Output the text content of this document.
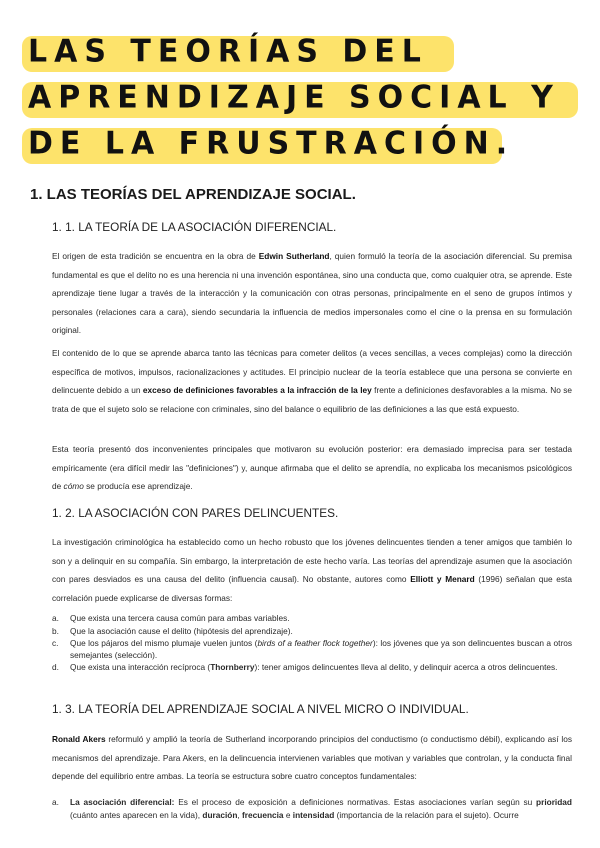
LAS TEORÍAS DEL
APRENDIZAJE SOCIAL Y
DE LA FRUSTRACIÓN.
1. LAS TEORÍAS DEL APRENDIZAJE SOCIAL.
1. 1. LA TEORÍA DE LA ASOCIACIÓN DIFERENCIAL.
El origen de esta tradición se encuentra en la obra de Edwin Sutherland, quien formuló la teoría de la asociación diferencial. Su premisa fundamental es que el delito no es una herencia ni una invención espontánea, sino una conducta que, como cualquier otra, se aprende. Este aprendizaje tiene lugar a través de la interacción y la comunicación con otras personas, principalmente en el seno de grupos íntimos y personales (relaciones cara a cara), siendo secundaria la influencia de medios impersonales como el cine o la prensa en su formulación original.
El contenido de lo que se aprende abarca tanto las técnicas para cometer delitos (a veces sencillas, a veces complejas) como la dirección específica de motivos, impulsos, racionalizaciones y actitudes. El principio nuclear de la teoría establece que una persona se convierte en delincuente debido a un exceso de definiciones favorables a la infracción de la ley frente a definiciones desfavorables a la misma. No se trata de que el sujeto solo se relacione con criminales, sino del balance o equilibrio de las definiciones a las que está expuesto.
Esta teoría presentó dos inconvenientes principales que motivaron su evolución posterior: era demasiado imprecisa para ser testada empíricamente (era difícil medir las "definiciones") y, aunque afirmaba que el delito se aprendía, no explicaba los mecanismos psicológicos de cómo se producía ese aprendizaje.
1. 2. LA ASOCIACIÓN CON PARES DELINCUENTES.
La investigación criminológica ha establecido como un hecho robusto que los jóvenes delincuentes tienden a tener amigos que también lo son y a delinquir en su compañía. Sin embargo, la interpretación de este hecho varía. Las teorías del aprendizaje asumen que la asociación con pares desviados es una causa del delito (influencia causal). No obstante, autores como Elliott y Menard (1996) señalan que esta correlación puede explicarse de diversas formas:
a. Que exista una tercera causa común para ambas variables.
b. Que la asociación cause el delito (hipótesis del aprendizaje).
c. Que los pájaros del mismo plumaje vuelen juntos (birds of a feather flock together): los jóvenes que ya son delincuentes buscan a otros semejantes (selección).
d. Que exista una interacción recíproca (Thornberry): tener amigos delincuentes lleva al delito, y delinquir acerca a otros delincuentes.
1. 3. LA TEORÍA DEL APRENDIZAJE SOCIAL A NIVEL MICRO O INDIVIDUAL.
Ronald Akers reformuló y amplió la teoría de Sutherland incorporando principios del conductismo (o conductismo débil), explicando así los mecanismos del aprendizaje. Para Akers, en la delincuencia intervienen variables que motivan y variables que controlan, y la conducta final depende del equilibrio entre ambas. La teoría se estructura sobre cuatro conceptos fundamentales:
a. La asociación diferencial: Es el proceso de exposición a definiciones normativas. Estas asociaciones varían según su prioridad (cuánto antes aparecen en la vida), duración, frecuencia e intensidad (importancia de la relación para el sujeto). Ocurre
